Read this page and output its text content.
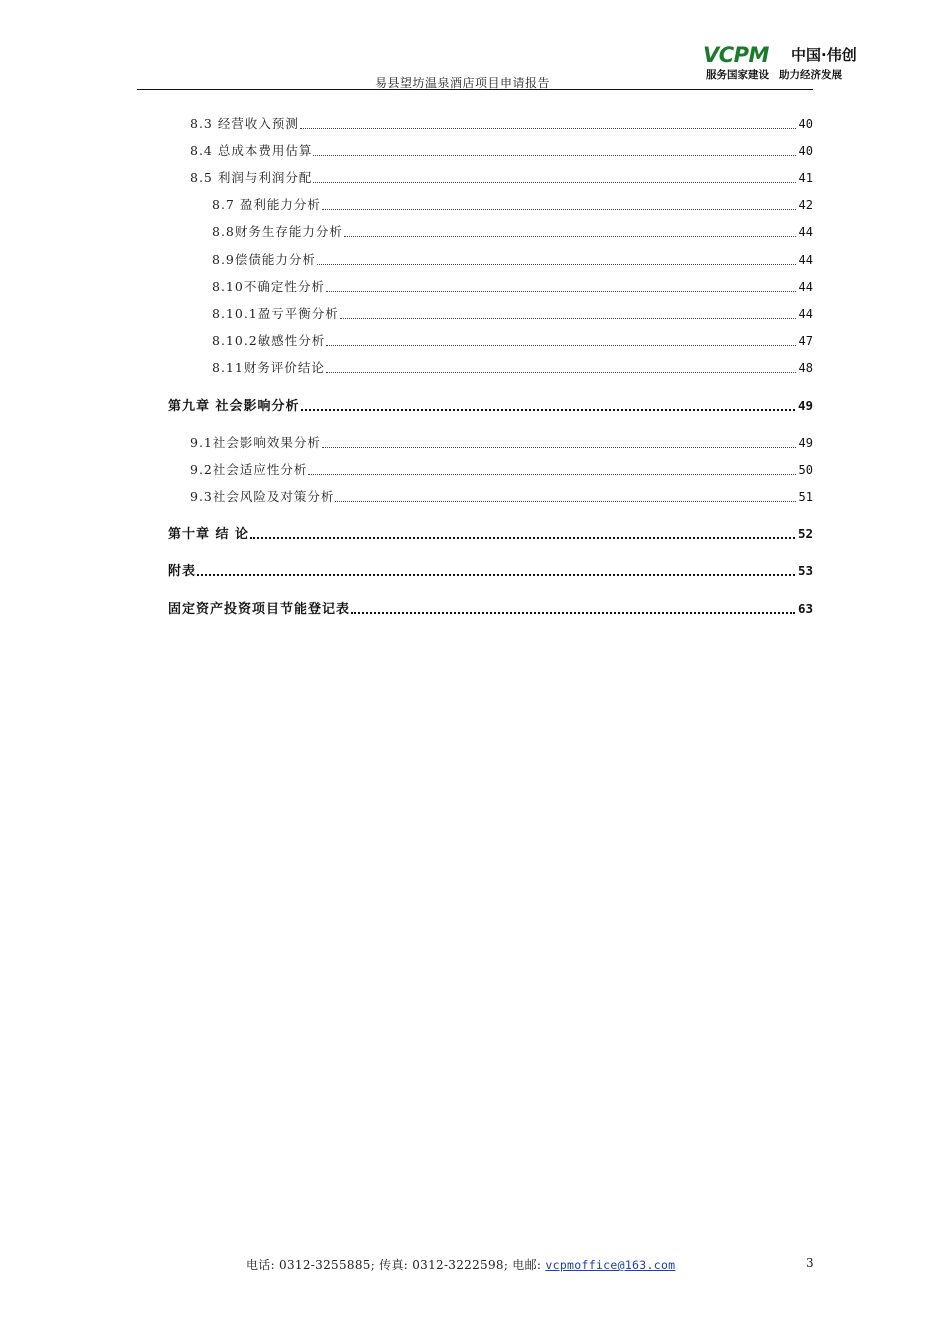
易县望坊温泉酒店项目申请报告
VCPM 中国·伟创
服务国家建设 助力经济发展
8.3 经营收入预测	40
8.4 总成本费用估算	40
8.5 利润与利润分配	41
8.7 盈利能力分析	42
8.8财务生存能力分析	44
8.9偿债能力分析	44
8.10不确定性分析	44
8.10.1盈亏平衡分析	44
8.10.2敏感性分析	47
8.11财务评价结论	48
第九章 社会影响分析	49
9.1社会影响效果分析	49
9.2社会适应性分析	50
9.3社会风险及对策分析	51
第十章 结 论	52
附表	53
固定资产投资项目节能登记表	63
电话: 0312-3255885; 传真: 0312-3222598; 电邮: vcpmoffice@163.com	3
